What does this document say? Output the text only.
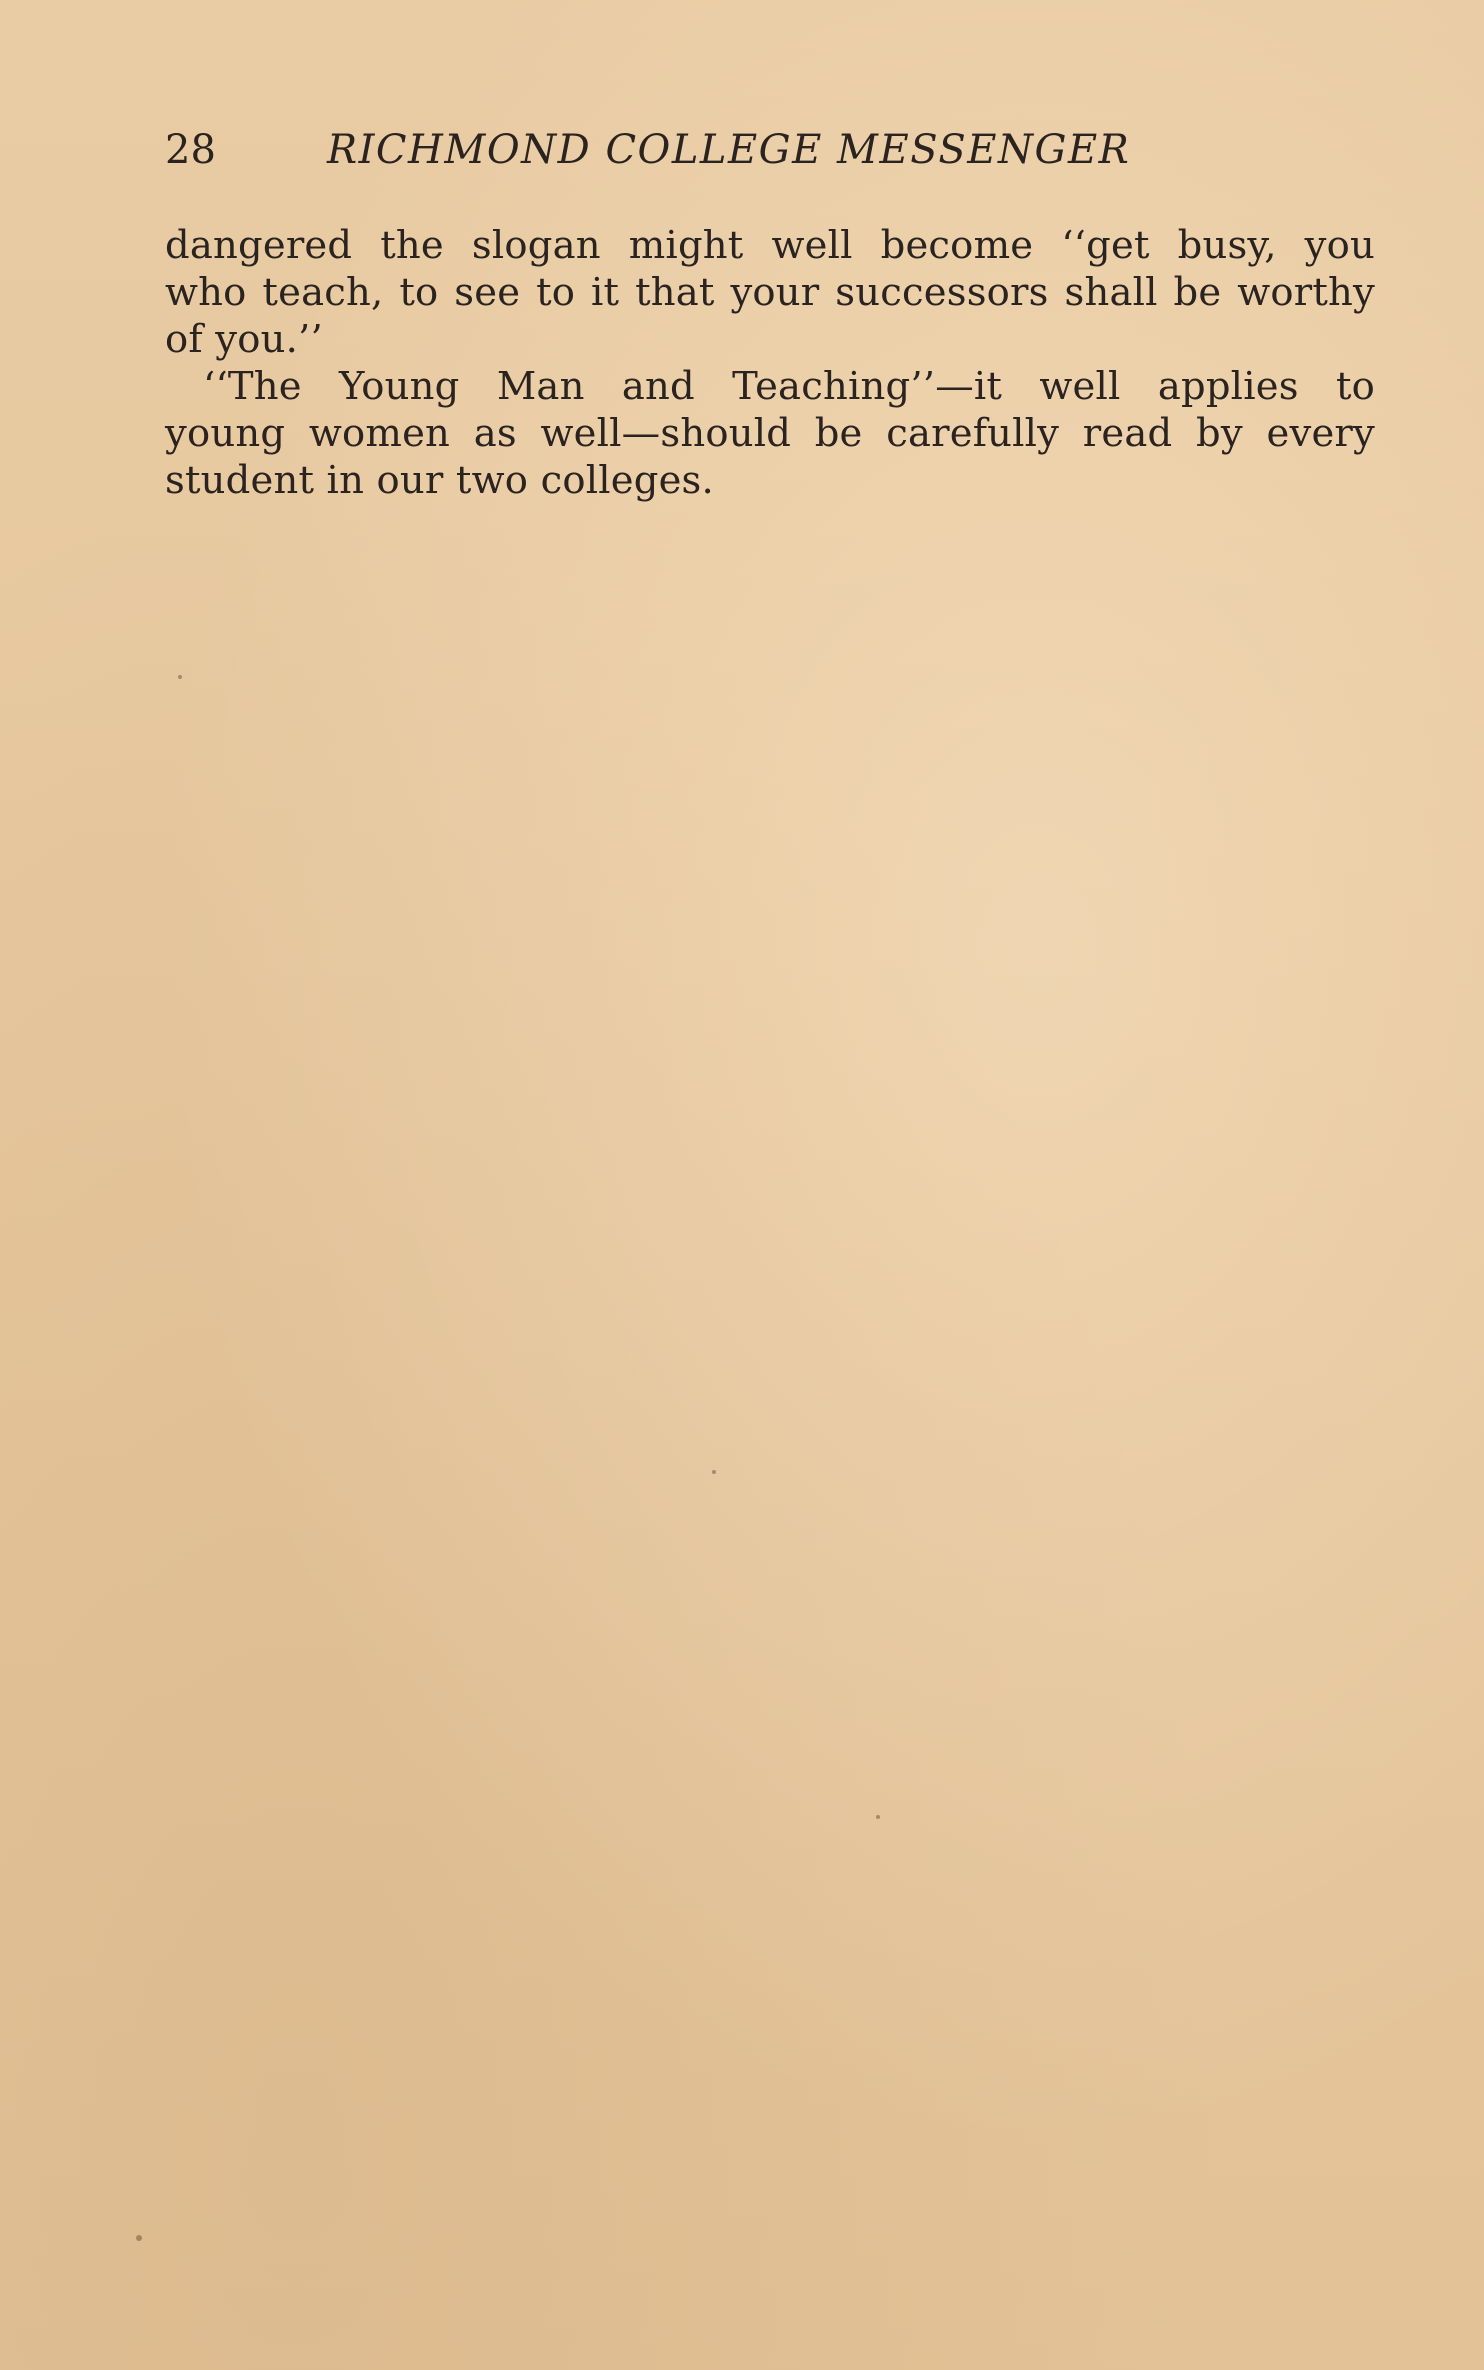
28	RICHMOND COLLEGE MESSENGER

dangered the slogan might well become ‘‘get busy, you
who teach, to see to it that your successors shall be worthy
of you.’’

‘‘The Young Man and Teaching’’—it well applies to
young women as well—should be carefully read by every
student in our two colleges.
